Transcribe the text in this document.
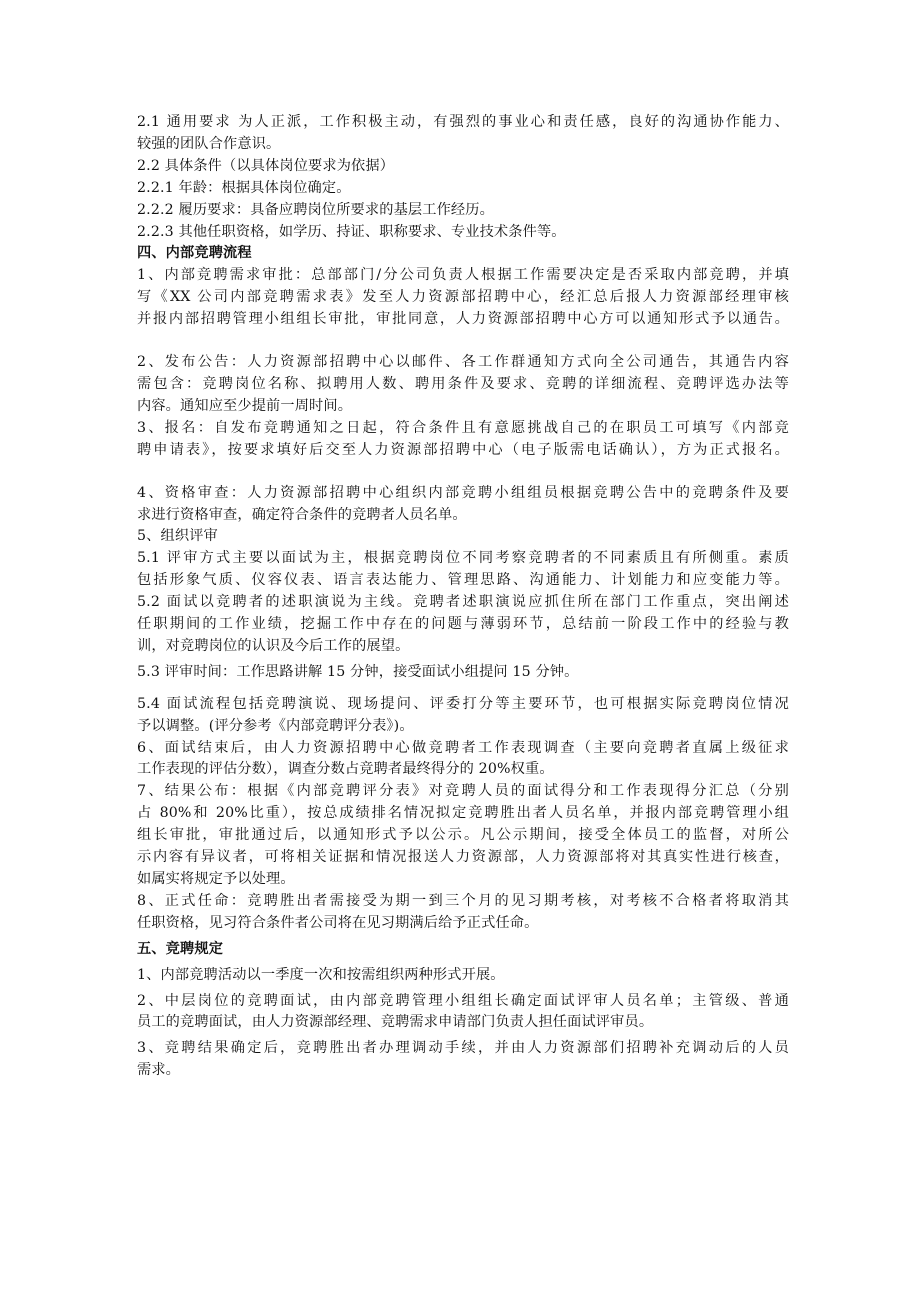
2.1 通用要求 为人正派，工作积极主动，有强烈的事业心和责任感，良好的沟通协作能力、

较强的团队合作意识。

2.2 具体条件（以具体岗位要求为依据）

2.2.1 年龄：根据具体岗位确定。

2.2.2 履历要求：具备应聘岗位所要求的基层工作经历。

2.2.3 其他任职资格，如学历、持证、职称要求、专业技术条件等。

四、内部竞聘流程

1、内部竞聘需求审批：总部部门/分公司负责人根据工作需要决定是否采取内部竞聘，并填

写《XX 公司内部竞聘需求表》发至人力资源部招聘中心，经汇总后报人力资源部经理审核

并报内部招聘管理小组组长审批，审批同意，人力资源部招聘中心方可以通知形式予以通告。

2、发布公告：人力资源部招聘中心以邮件、各工作群通知方式向全公司通告，其通告内容

需包含：竞聘岗位名称、拟聘用人数、聘用条件及要求、竞聘的详细流程、竞聘评选办法等

内容。通知应至少提前一周时间。

3、报名：自发布竞聘通知之日起，符合条件且有意愿挑战自己的在职员工可填写《内部竞

聘申请表》，按要求填好后交至人力资源部招聘中心（电子版需电话确认），方为正式报名。

4、资格审查：人力资源部招聘中心组织内部竞聘小组组员根据竞聘公告中的竞聘条件及要

求进行资格审查，确定符合条件的竞聘者人员名单。

5、组织评审

5.1 评审方式主要以面试为主，根据竞聘岗位不同考察竞聘者的不同素质且有所侧重。素质

包括形象气质、仪容仪表、语言表达能力、管理思路、沟通能力、计划能力和应变能力等。

5.2 面试以竞聘者的述职演说为主线。竞聘者述职演说应抓住所在部门工作重点，突出阐述

任职期间的工作业绩，挖掘工作中存在的问题与薄弱环节，总结前一阶段工作中的经验与教

训，对竞聘岗位的认识及今后工作的展望。

5.3 评审时间：工作思路讲解 15 分钟，接受面试小组提问 15 分钟。

5.4 面试流程包括竞聘演说、现场提问、评委打分等主要环节，也可根据实际竞聘岗位情况

予以调整。(评分参考《内部竞聘评分表》)。

6、面试结束后，由人力资源招聘中心做竞聘者工作表现调查（主要向竞聘者直属上级征求

工作表现的评估分数），调查分数占竞聘者最终得分的 20%权重。

7、结果公布：根据《内部竞聘评分表》对竞聘人员的面试得分和工作表现得分汇总（分别

占 80%和 20%比重），按总成绩排名情况拟定竞聘胜出者人员名单，并报内部竞聘管理小组

组长审批，审批通过后，以通知形式予以公示。凡公示期间，接受全体员工的监督，对所公

示内容有异议者，可将相关证据和情况报送人力资源部，人力资源部将对其真实性进行核查，

如属实将规定予以处理。

8、正式任命：竞聘胜出者需接受为期一到三个月的见习期考核，对考核不合格者将取消其

任职资格，见习符合条件者公司将在见习期满后给予正式任命。

五、竞聘规定

1、内部竞聘活动以一季度一次和按需组织两种形式开展。

2、中层岗位的竞聘面试，由内部竞聘管理小组组长确定面试评审人员名单；主管级、普通

员工的竞聘面试，由人力资源部经理、竞聘需求申请部门负责人担任面试评审员。

3、竞聘结果确定后，竞聘胜出者办理调动手续，并由人力资源部们招聘补充调动后的人员

需求。
